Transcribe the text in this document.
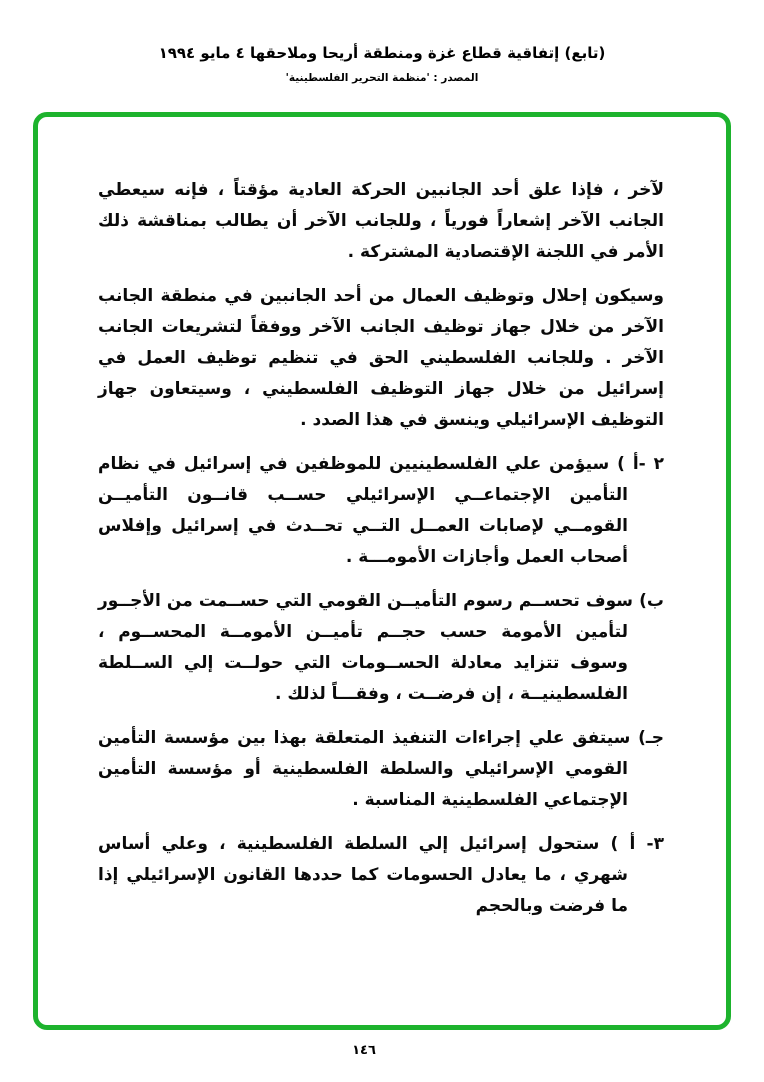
(تابع) إتفاقية قطاع غزة ومنطقة أريحا وملاحقها ٤ مايو ١٩٩٤
المصدر : 'منظمة التحرير الفلسطينية'

لآخر ، فإذا علق أحد الجانبين الحركة العادية مؤقتاً ، فإنه سيعطي الجانب الآخر إشعاراً فورياً ، وللجانب الآخر أن يطالب بمناقشة ذلك الأمر في اللجنة الإقتصادية المشتركة .

وسيكون إحلال وتوظيف العمال من أحد الجانبين في منطقة الجانب الآخر من خلال جهاز توظيف الجانب الآخر ووفقاً لتشريعات الجانب الآخر . وللجانب الفلسطيني الحق في تنظيم توظيف العمل في إسرائيل من خلال جهاز التوظيف الفلسطيني ، وسيتعاون جهاز التوظيف الإسرائيلي وينسق في هذا الصدد .

٢ -أ ) سيؤمن علي الفلسطينيين للموظفين في إسرائيل في نظام التأمين الإجتماعــي الإسرائيلي حســب قانــون التأميــن القومــي لإصابات العمــل التــي تحــدث في إسرائيل وإفلاس أصحاب العمل وأجازات الأمومـــة .

ب) سوف تحســم رسوم التأميــن القومي التي حســمت من الأجــور لتأمين الأمومة حسب حجــم تأميــن الأمومــة المحســوم ، وسوف تتزايد معادلة الحســومات التي حولــت إلي الســلطة الفلسطينيــة ، إن فرضــت ، وفقـــاً لذلك .

جـ) سيتفق علي إجراءات التنفيذ المتعلقة بهذا بين مؤسسة التأمين القومي الإسرائيلي والسلطة الفلسطينية أو مؤسسة التأمين الإجتماعي الفلسطينية المناسبة .

٣- أ ) ستحول إسرائيل إلي السلطة الفلسطينية ، وعلي أساس شهري ، ما يعادل الحسومات كما حددها القانون الإسرائيلي إذا ما فرضت وبالحجم

١٤٦
